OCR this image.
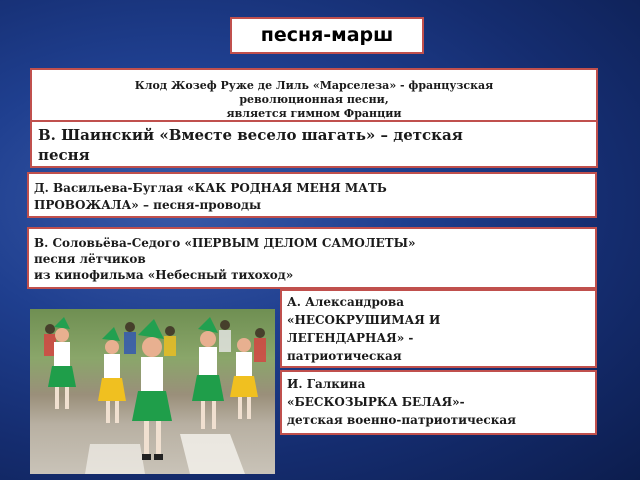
песня-марш
Клод Жозеф Руже де Лиль «Марселеза» - французская
революционная песни,
является гимном Франции
Д. Васильева-Буглая «КАК РОДНАЯ МЕНЯ МАТЬ
ПРОВОЖАЛА» – песня-проводы
В. Шаинский «Вместе весело шагать» – детская
песня
В. Соловьёва-Седого «ПЕРВЫМ ДЕЛОМ САМОЛЕТЫ»
песня лётчиков
из кинофильма «Небесный тихоход»
А. Александрова
«НЕСОКРУШИМАЯ И
ЛЕГЕНДАРНАЯ» -
патриотическая
И. Галкина
«БЕСКОЗЫРКА БЕЛАЯ»-
детская военно-патриотическая
